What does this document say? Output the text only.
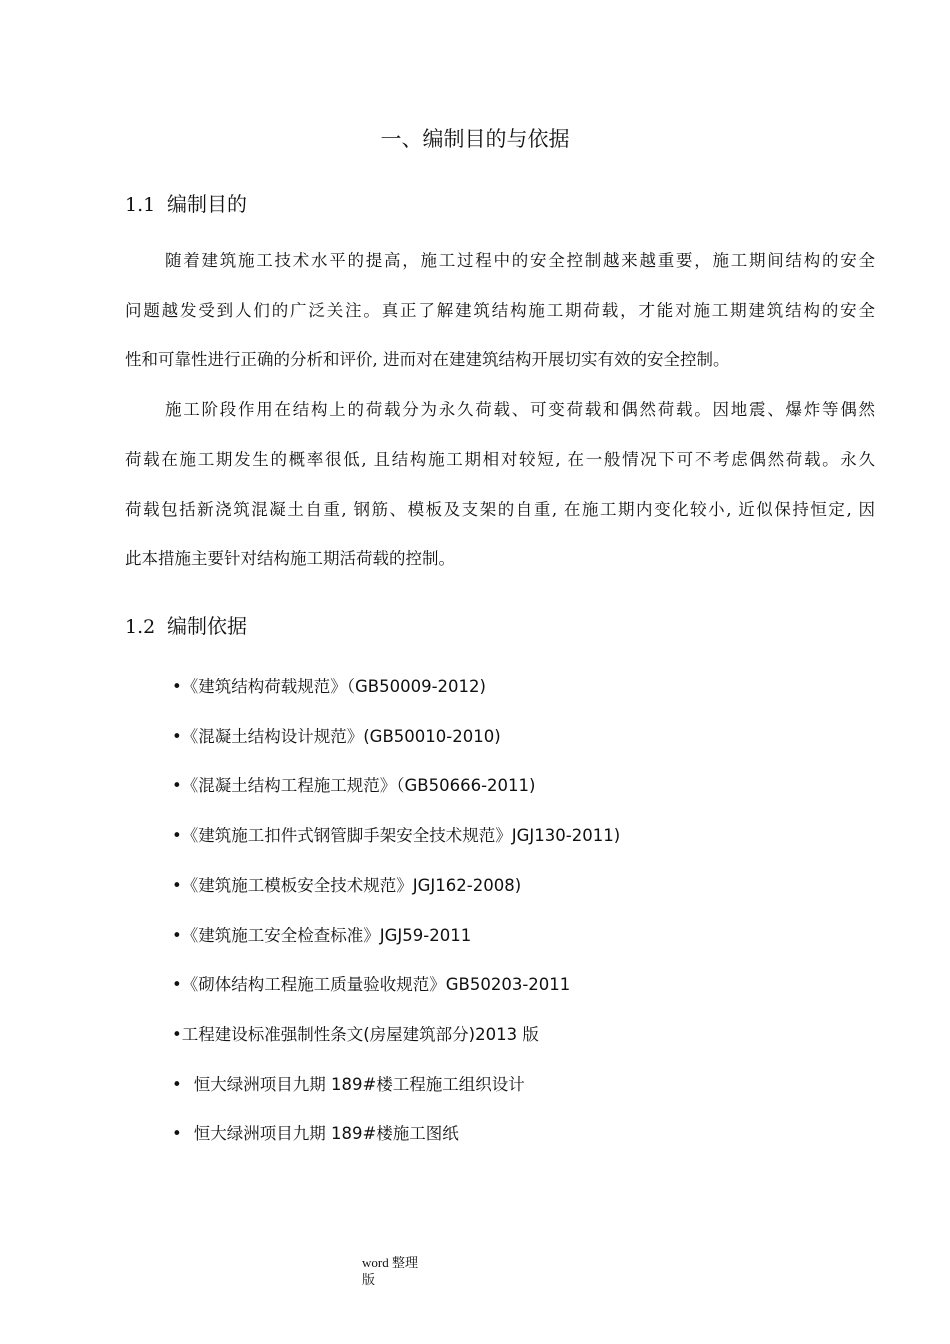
一、编制目的与依据
1.1 编制目的
随着建筑施工技术水平的提高，施工过程中的安全控制越来越重要，施工期间结构的安全
问题越发受到人们的广泛关注。真正了解建筑结构施工期荷载，才能对施工期建筑结构的安全
性和可靠性进行正确的分析和评价, 进而对在建建筑结构开展切实有效的安全控制。
施工阶段作用在结构上的荷载分为永久荷载、可变荷载和偶然荷载。因地震、爆炸等偶然
荷载在施工期发生的概率很低, 且结构施工期相对较短, 在一般情况下可不考虑偶然荷载。永久
荷载包括新浇筑混凝土自重, 钢筋、模板及支架的自重, 在施工期内变化较小, 近似保持恒定, 因
此本措施主要针对结构施工期活荷载的控制。
1.2 编制依据
•《建筑结构荷载规范》（GB50009-2012)
•《混凝土结构设计规范》(GB50010-2010)
•《混凝土结构工程施工规范》（GB50666-2011)
•《建筑施工扣件式钢管脚手架安全技术规范》JGJ130-2011)
•《建筑施工模板安全技术规范》JGJ162-2008)
•《建筑施工安全检查标准》JGJ59-2011
•《砌体结构工程施工质量验收规范》GB50203-2011
•工程建设标准强制性条文(房屋建筑部分)2013 版
• 恒大绿洲项目九期 189#楼工程施工组织设计
• 恒大绿洲项目九期 189#楼施工图纸
word 整理
版
